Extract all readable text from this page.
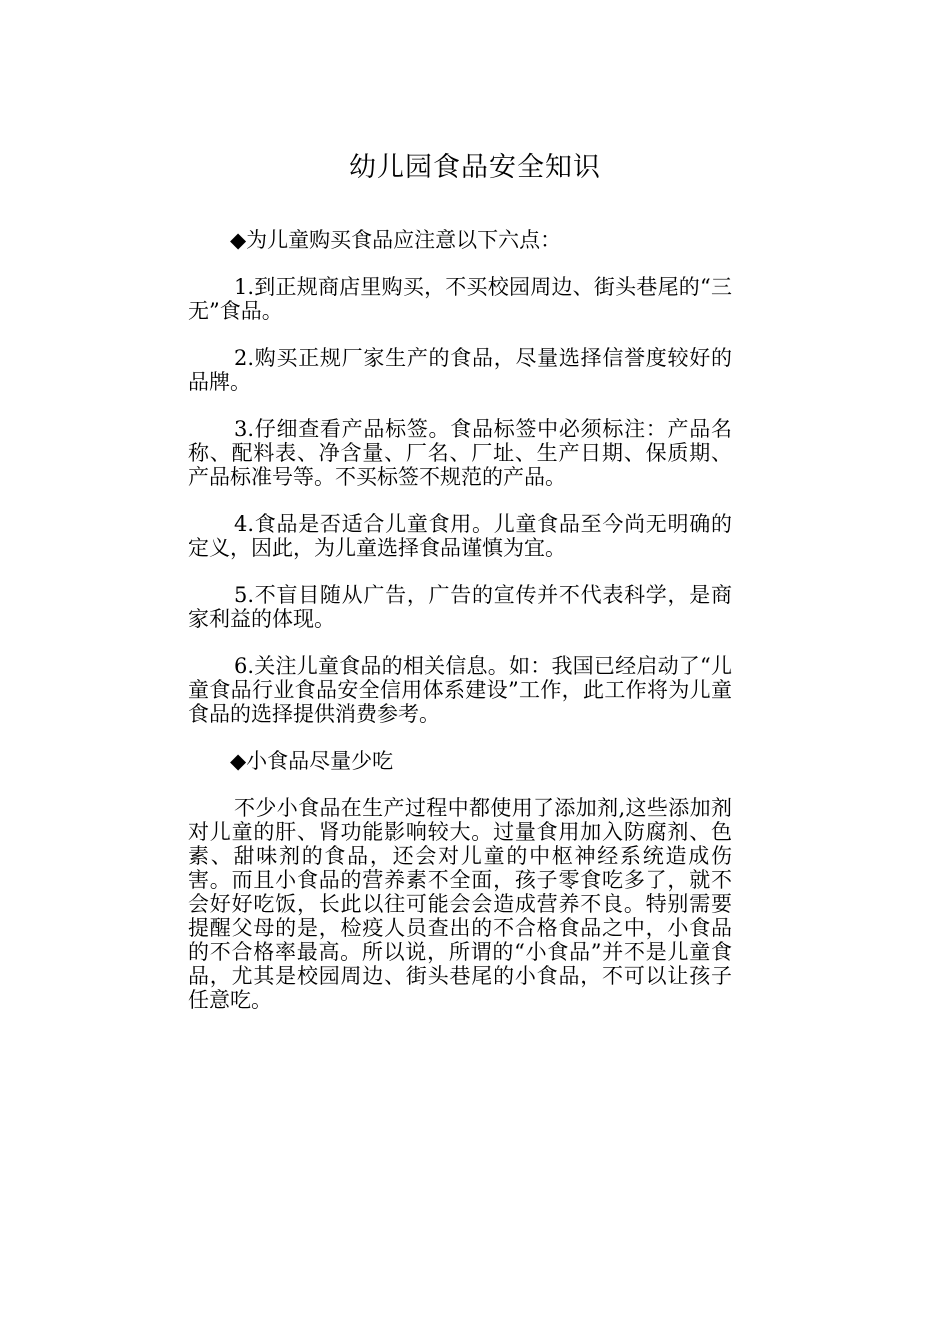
幼儿园食品安全知识

◆为儿童购买食品应注意以下六点：

1.到正规商店里购买，不买校园周边、街头巷尾的“三无”食品。

2.购买正规厂家生产的食品，尽量选择信誉度较好的品牌。

3.仔细查看产品标签。食品标签中必须标注：产品名称、配料表、净含量、厂名、厂址、生产日期、保质期、产品标准号等。不买标签不规范的产品。

4.食品是否适合儿童食用。儿童食品至今尚无明确的定义，因此，为儿童选择食品谨慎为宜。

5.不盲目随从广告，广告的宣传并不代表科学，是商家利益的体现。

6.关注儿童食品的相关信息。如：我国已经启动了“儿童食品行业食品安全信用体系建设”工作，此工作将为儿童食品的选择提供消费参考。

◆小食品尽量少吃

不少小食品在生产过程中都使用了添加剂,这些添加剂对儿童的肝、肾功能影响较大。过量食用加入防腐剂、色素、甜味剂的食品，还会对儿童的中枢神经系统造成伤害。而且小食品的营养素不全面，孩子零食吃多了，就不会好好吃饭，长此以往可能会会造成营养不良。特别需要提醒父母的是，检疫人员查出的不合格食品之中，小食品的不合格率最高。所以说，所谓的“小食品”并不是儿童食品，尤其是校园周边、街头巷尾的小食品，不可以让孩子任意吃。
